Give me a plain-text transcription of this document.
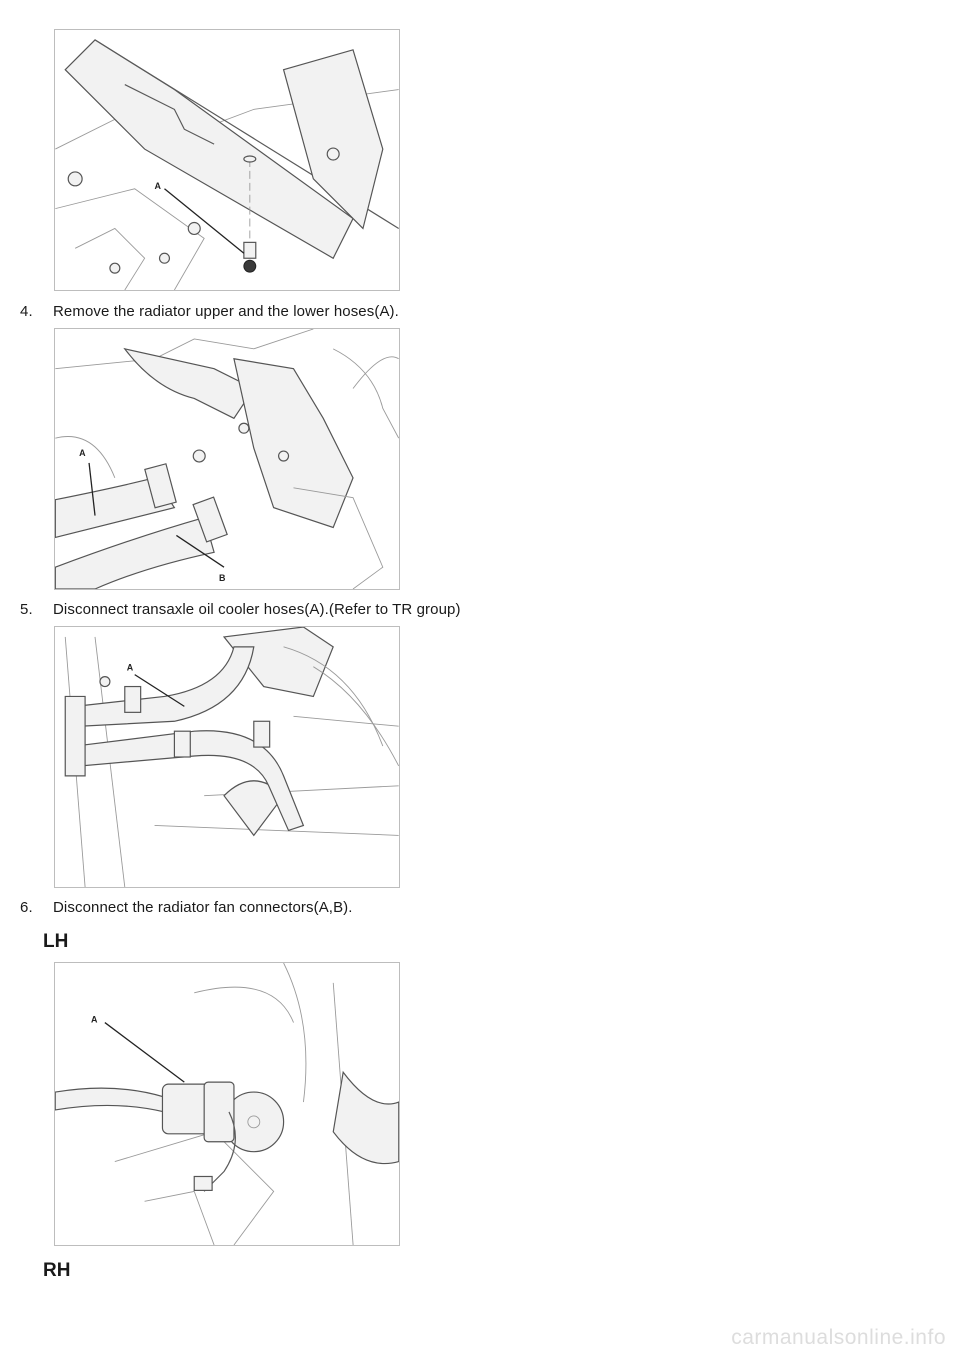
A
4. Remove the radiator upper and the lower hoses(A).
A
B
5. Disconnect transaxle oil cooler hoses(A).(Refer to TR group)
A
6. Disconnect the radiator fan connectors(A,B).
LH
A
RH
carmanualsonline.info
